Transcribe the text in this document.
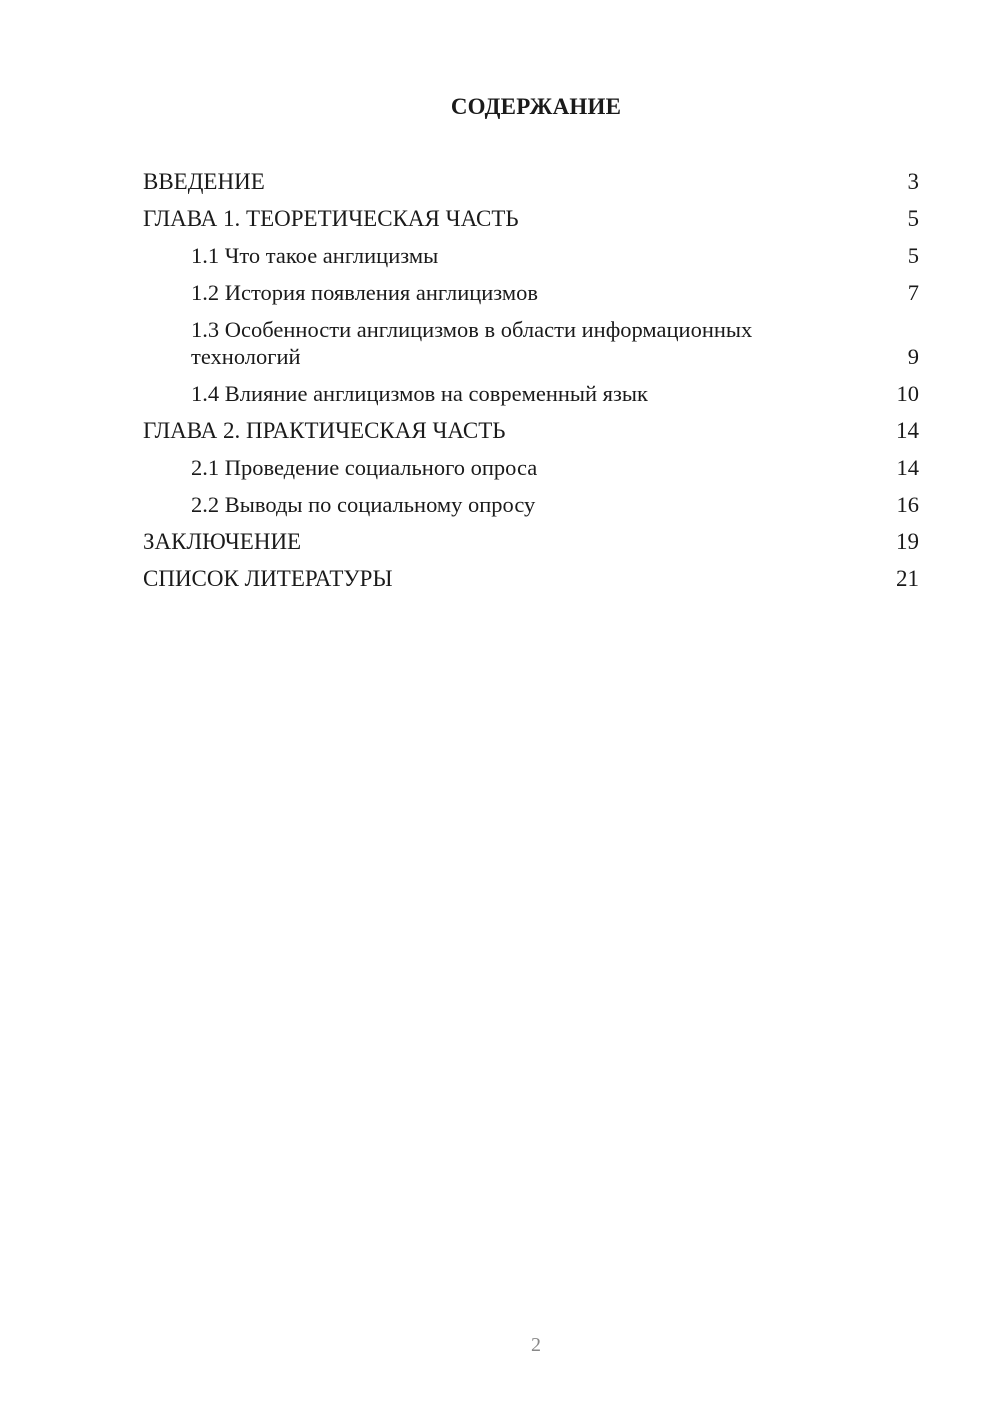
СОДЕРЖАНИЕ
ВВЕДЕНИЕ	3
ГЛАВА 1. ТЕОРЕТИЧЕСКАЯ ЧАСТЬ	5
1.1 Что такое англицизмы	5
1.2 История появления англицизмов	7
1.3 Особенности англицизмов в области информационных технологий	9
1.4 Влияние англицизмов на современный язык	10
ГЛАВА 2. ПРАКТИЧЕСКАЯ ЧАСТЬ	14
2.1 Проведение социального опроса	14
2.2 Выводы по социальному опросу	16
ЗАКЛЮЧЕНИЕ	19
СПИСОК ЛИТЕРАТУРЫ	21
2
